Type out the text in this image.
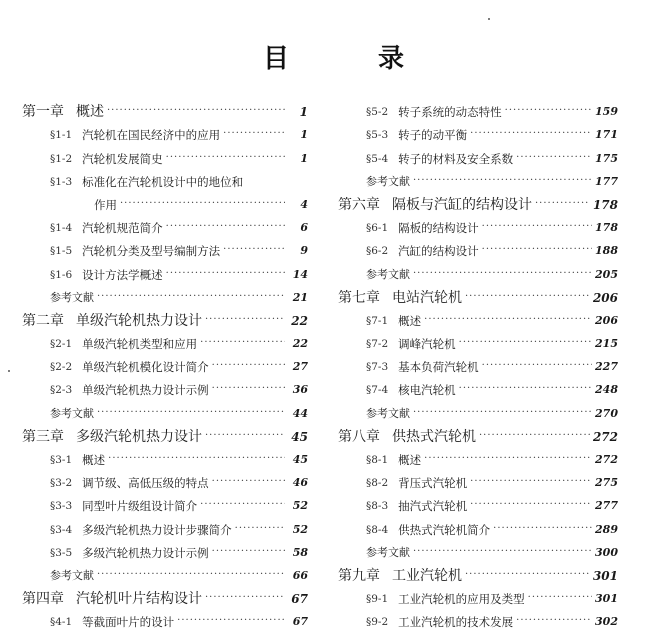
目 录
第一章 概述 ·····	1
§1-1 汽轮机在国民经济中的应用 ·····	1
§1-2 汽轮机发展简史 ·····	1
§1-3 标准化在汽轮机设计中的地位和
作用 ·····	4
§1-4 汽轮机规范简介 ·····	6
§1-5 汽轮机分类及型号编制方法 ·····	9
§1-6 设计方法学概述 ·····	14
参考文献 ·····	21
第二章 单级汽轮机热力设计 ·····	22
§2-1 单级汽轮机类型和应用 ·····	22
§2-2 单级汽轮机模化设计简介 ·····	27
§2-3 单级汽轮机热力设计示例 ·····	36
参考文献 ·····	44
第三章 多级汽轮机热力设计 ·····	45
§3-1 概述 ·····	45
§3-2 调节级、高低压级的特点 ·····	46
§3-3 同型叶片级组设计简介 ·····	52
§3-4 多级汽轮机热力设计步骤简介 ·····	52
§3-5 多级汽轮机热力设计示例 ·····	58
参考文献 ·····	66
第四章 汽轮机叶片结构设计 ·····	67
§4-1 等截面叶片的设计 ·····	67
§5-2 转子系统的动态特性 ·····	159
§5-3 转子的动平衡 ·····	171
§5-4 转子的材料及安全系数 ·····	175
参考文献 ·····	177
第六章 隔板与汽缸的结构设计 ·····	178
§6-1 隔板的结构设计 ·····	178
§6-2 汽缸的结构设计 ·····	188
参考文献 ·····	205
第七章 电站汽轮机 ·····	206
§7-1 概述 ·····	206
§7-2 调峰汽轮机 ·····	215
§7-3 基本负荷汽轮机 ·····	227
§7-4 核电汽轮机 ·····	248
参考文献 ·····	270
第八章 供热式汽轮机 ·····	272
§8-1 概述 ·····	272
§8-2 背压式汽轮机 ·····	275
§8-3 抽汽式汽轮机 ·····	277
§8-4 供热式汽轮机简介 ·····	289
参考文献 ·····	300
第九章 工业汽轮机 ·····	301
§9-1 工业汽轮机的应用及类型 ·····	301
§9-2 工业汽轮机的技术发展 ·····	302
